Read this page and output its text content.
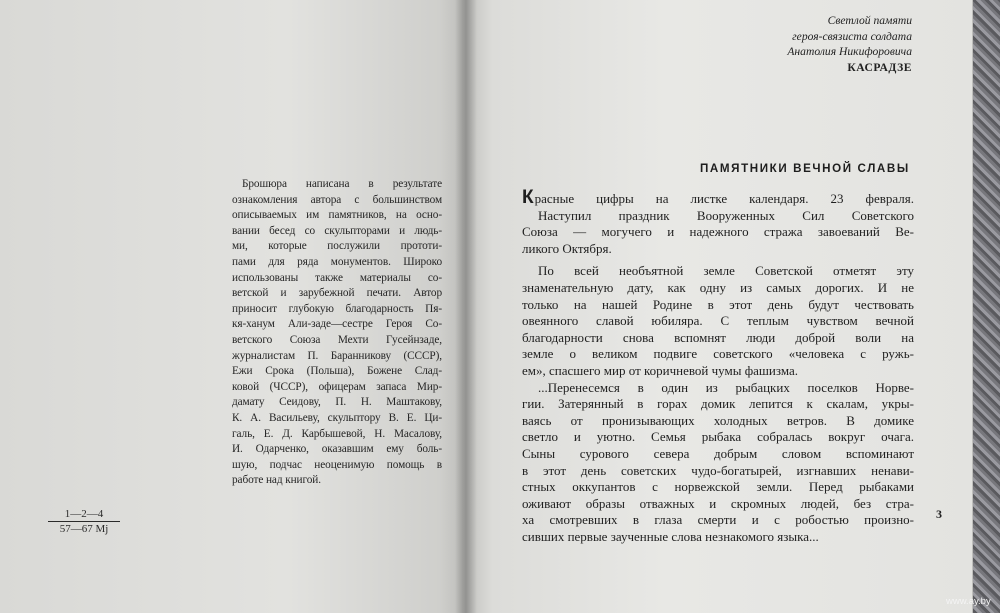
Брошюра написана в результате
ознакомления автора с большинством
описываемых им памятников, на осно-
вании бесед со скульпторами и людь-
ми, которые послужили прототи-
пами для ряда монументов. Широко
использованы также материалы со-
ветской и зарубежной печати. Автор
приносит глубокую благодарность Пя-
кя-ханум Али-заде—сестре Героя Со-
ветского Союза Мехти Гусейнзаде,
журналистам П. Баранникову (СССР),
Ежи Срока (Польша), Божене Слад-
ковой (ЧССР), офицерам запаса Мир-
дамату Сеидову, П. Н. Маштакову,
К. А. Васильеву, скульптору В. Е. Ци-
галь, Е. Д. Карбышевой, Н. Масалову,
И. Одарченко, оказавшим ему боль-
шую, подчас неоценимую помощь в
работе над книгой.
$\frac{1—2—4}{57—67 Mj}$
Светлой памяти
героя-связиста солдата
Анатолия Никифоровича
КАСРАДЗЕ
ПАМЯТНИКИ ВЕЧНОЙ СЛАВЫ
Красные цифры на листке календаря. 23 февраля.
Наступил праздник Вооруженных Сил Советского
Союза — могучего и надежного стража завоеваний Ве-
ликого Октября.
По всей необъятной земле Советской отметят эту
знаменательную дату, как одну из самых дорогих. И не
только на нашей Родине в этот день будут чествовать
овеянного славой юбиляра. С теплым чувством вечной
благодарности снова вспомнят люди доброй воли на
земле о великом подвиге советского «человека с ружь-
ем», спасшего мир от коричневой чумы фашизма.
...Перенесемся в один из рыбацких поселков Норве-
гии. Затерянный в горах домик лепится к скалам, укры-
ваясь от пронизывающих холодных ветров. В домике
светло и уютно. Семья рыбака собралась вокруг очага.
Сыны сурового севера добрым словом вспоминают
в этот день советских чудо-богатырей, изгнавших ненави-
стных оккупантов с норвежской земли. Перед рыбаками
оживают образы отважных и скромных людей, без стра-
ха смотревших в глаза смерти и с робостью произно-
сивших первые заученные слова незнакомого языка...
3
www.ay.by
